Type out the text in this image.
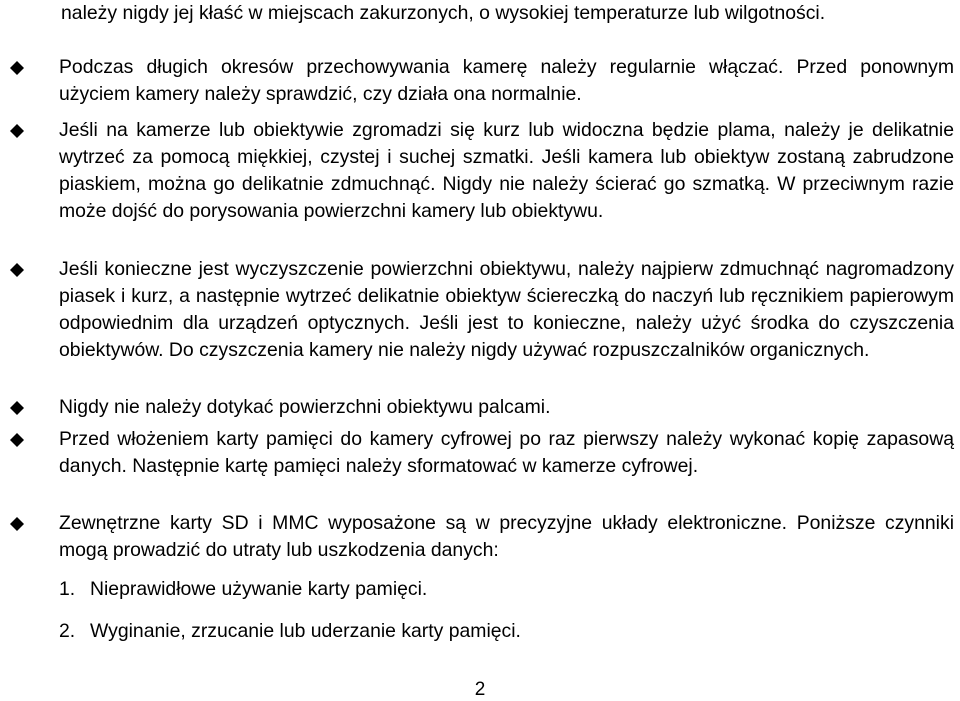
należy nigdy jej kłaść w miejscach zakurzonych, o wysokiej temperaturze lub wilgotności.
Podczas długich okresów przechowywania kamerę należy regularnie włączać. Przed ponownym użyciem kamery należy sprawdzić, czy działa ona normalnie.
Jeśli na kamerze lub obiektywie zgromadzi się kurz lub widoczna będzie plama, należy je delikatnie wytrzeć za pomocą miękkiej, czystej i suchej szmatki. Jeśli kamera lub obiektyw zostaną zabrudzone piaskiem, można go delikatnie zdmuchnąć. Nigdy nie należy ścierać go szmatką. W przeciwnym razie może dojść do porysowania powierzchni kamery lub obiektywu.
Jeśli konieczne jest wyczyszczenie powierzchni obiektywu, należy najpierw zdmuchnąć nagromadzony piasek i kurz, a następnie wytrzeć delikatnie obiektyw ściereczką do naczyń lub ręcznikiem papierowym odpowiednim dla urządzeń optycznych. Jeśli jest to konieczne, należy użyć środka do czyszczenia obiektywów. Do czyszczenia kamery nie należy nigdy używać rozpuszczalników organicznych.
Nigdy nie należy dotykać powierzchni obiektywu palcami.
Przed włożeniem karty pamięci do kamery cyfrowej po raz pierwszy należy wykonać kopię zapasową danych. Następnie kartę pamięci należy sformatować w kamerze cyfrowej.
Zewnętrzne karty SD i MMC wyposażone są w precyzyjne układy elektroniczne. Poniższe czynniki mogą prowadzić do utraty lub uszkodzenia danych:
1. Nieprawidłowe używanie karty pamięci.
2. Wyginanie, zrzucanie lub uderzanie karty pamięci.
2
